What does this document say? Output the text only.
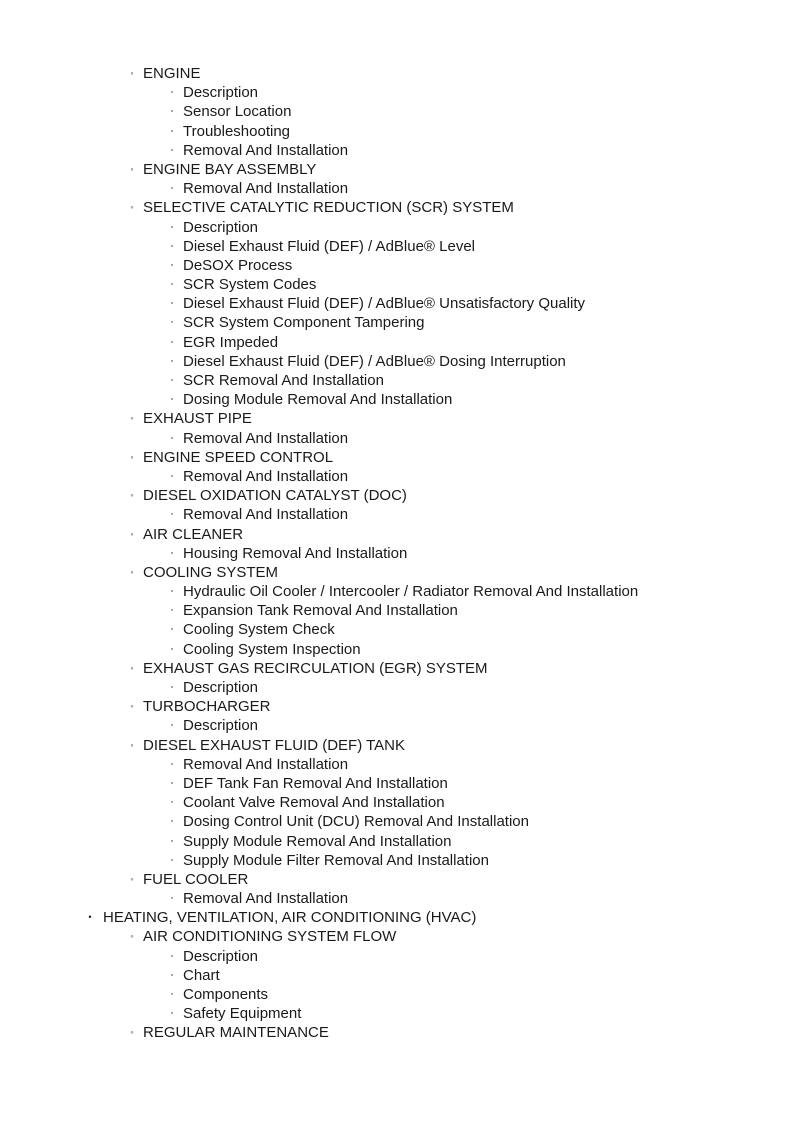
◦ ENGINE
▫ Description
▫ Sensor Location
▫ Troubleshooting
▫ Removal And Installation
◦ ENGINE BAY ASSEMBLY
▫ Removal And Installation
◦ SELECTIVE CATALYTIC REDUCTION (SCR) SYSTEM
▫ Description
▫ Diesel Exhaust Fluid (DEF) / AdBlue® Level
▫ DeSOX Process
▫ SCR System Codes
▫ Diesel Exhaust Fluid (DEF) / AdBlue® Unsatisfactory Quality
▫ SCR System Component Tampering
▫ EGR Impeded
▫ Diesel Exhaust Fluid (DEF) / AdBlue® Dosing Interruption
▫ SCR Removal And Installation
▫ Dosing Module Removal And Installation
◦ EXHAUST PIPE
▫ Removal And Installation
◦ ENGINE SPEED CONTROL
▫ Removal And Installation
◦ DIESEL OXIDATION CATALYST (DOC)
▫ Removal And Installation
◦ AIR CLEANER
▫ Housing Removal And Installation
◦ COOLING SYSTEM
▫ Hydraulic Oil Cooler / Intercooler / Radiator Removal And Installation
▫ Expansion Tank Removal And Installation
▫ Cooling System Check
▫ Cooling System Inspection
◦ EXHAUST GAS RECIRCULATION (EGR) SYSTEM
▫ Description
◦ TURBOCHARGER
▫ Description
◦ DIESEL EXHAUST FLUID (DEF) TANK
▫ Removal And Installation
▫ DEF Tank Fan Removal And Installation
▫ Coolant Valve Removal And Installation
▫ Dosing Control Unit (DCU) Removal And Installation
▫ Supply Module Removal And Installation
▫ Supply Module Filter Removal And Installation
◦ FUEL COOLER
▫ Removal And Installation
• HEATING, VENTILATION, AIR CONDITIONING (HVAC)
◦ AIR CONDITIONING SYSTEM FLOW
▫ Description
▫ Chart
▫ Components
▫ Safety Equipment
◦ REGULAR MAINTENANCE
